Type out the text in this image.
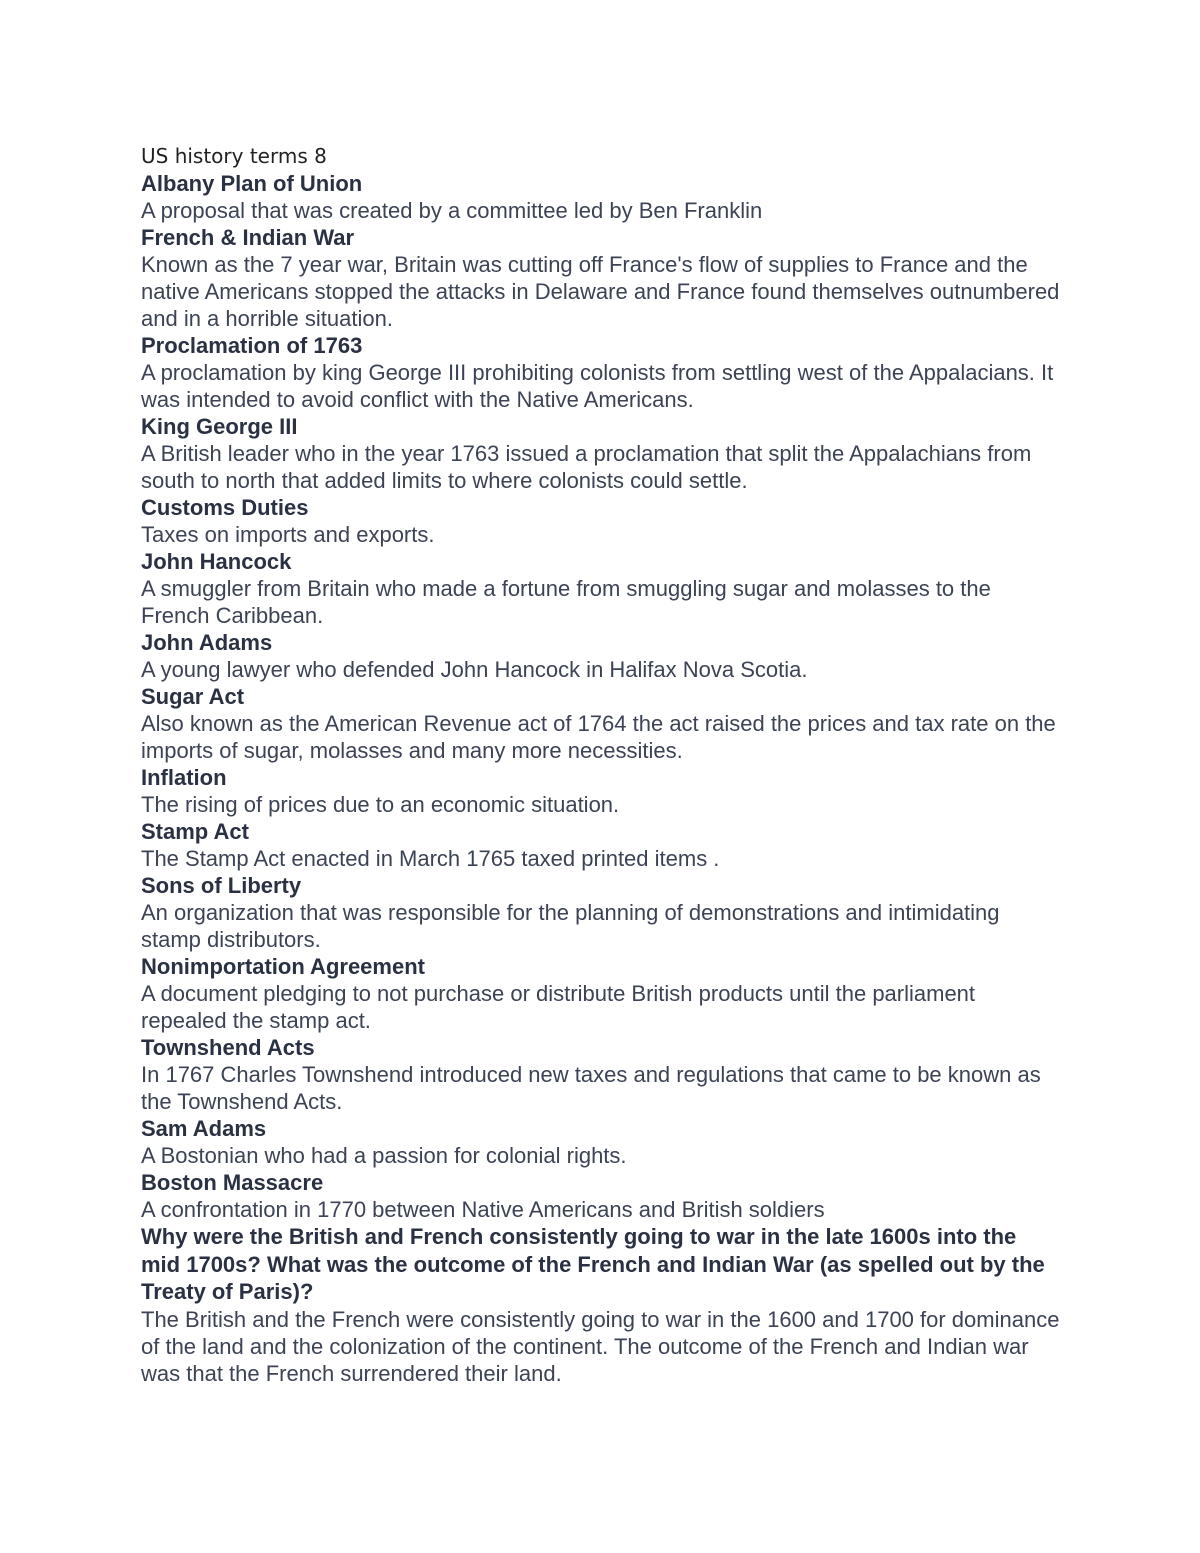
US history terms 8

Albany Plan of Union

A proposal that was created by a committee led by Ben Franklin

French & Indian War

Known as the 7 year war, Britain was cutting off France's flow of supplies to France and the native Americans stopped the attacks in Delaware and France found themselves outnumbered and in a horrible situation.

Proclamation of 1763

A proclamation by king George III prohibiting colonists from settling west of the Appalacians. It was intended to avoid conflict with the Native Americans.

King George III

A British leader who in the year 1763 issued a proclamation that split the Appalachians from south to north that added limits to where colonists could settle.

Customs Duties

Taxes on imports and exports.

John Hancock

A smuggler from Britain who made a fortune from smuggling sugar and molasses to the French Caribbean.

John Adams

A young lawyer who defended John Hancock in Halifax Nova Scotia.

Sugar Act

Also known as the American Revenue act of 1764 the act raised the prices and tax rate on the imports of sugar, molasses and many more necessities.

Inflation

The rising of prices due to an economic situation.

Stamp Act

The Stamp Act enacted in March 1765 taxed printed items .

Sons of Liberty

An organization that was responsible for the planning of demonstrations and intimidating stamp distributors.

Nonimportation Agreement

A document pledging to not purchase or distribute British products until the parliament repealed the stamp act.

Townshend Acts

In 1767 Charles Townshend introduced new taxes and regulations that came to be known as the Townshend Acts.

Sam Adams

A Bostonian who had a passion for colonial rights.

Boston Massacre

A confrontation in 1770 between Native Americans and British soldiers

Why were the British and French consistently going to war in the late 1600s into the mid 1700s? What was the outcome of the French and Indian War (as spelled out by the Treaty of Paris)?

The British and the French were consistently going to war in the 1600 and 1700 for dominance of the land and the colonization of the continent. The outcome of the French and Indian war was that the French surrendered their land.
